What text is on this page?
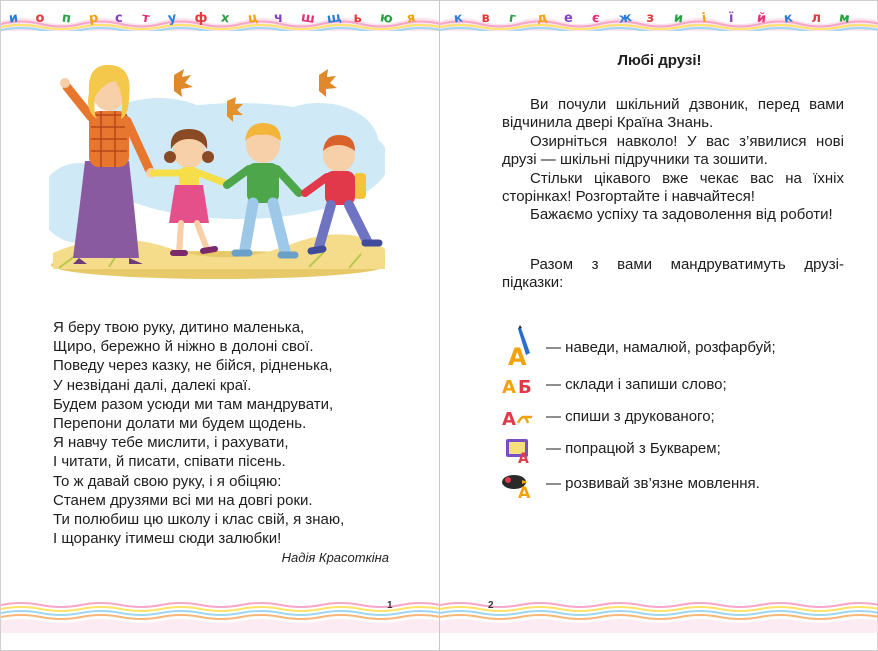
и о п р с т у ф х ц ч ш щ ь ю я
Я беру твою руку, дитино маленька,
Щиро, бережно й ніжно в долоні свої.
Поведу через казку, не бійся, рідненька,
У незвідані далі, далекі краї.
Будем разом усюди ми там мандрувати,
Перепони долати ми будем щодень.
Я навчу тебе мислити, і рахувати,
І читати, й писати, співати пісень.
То ж давай свою руку, і я обіцяю:
Станем друзями всі ми на довгі роки.
Ти полюбиш цю школу і клас свій, я знаю,
І щоранку ітимеш сюди залюбки!
Надія Красоткіна
1
к в г д е є ж з и і ї й к л м
Любі друзі!

Ви почули шкільний дзвоник, перед вами відчинила двері Країна Знань.

Озирніться навколо! У вас з’явилися нові друзі — шкільні підручники та зошити.

Стільки цікавого вже чекає вас на їхніх сторінках! Розгортайте і навчайтеся!

Бажаємо успіху та задоволення від роботи!

Разом з вами мандруватимуть друзі-підказки:
А — наведи, намалюй, розфарбуй;
А Б — склади і запиши слово;
А — спиши з друкованого;
А
— попрацюй з Букварем;
А — розвивай зв’язне мовлення.
2
